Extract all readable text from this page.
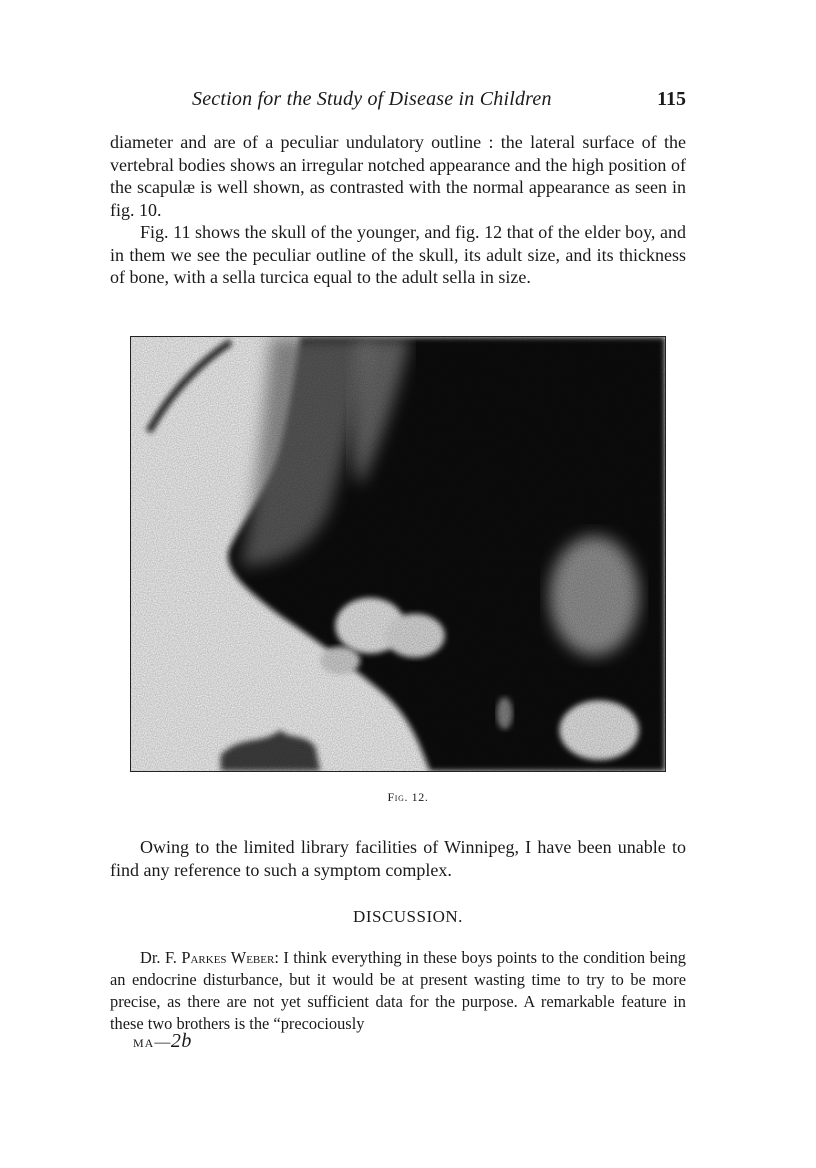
Section for the Study of Disease in Children	115

diameter and are of a peculiar undulatory outline : the lateral surface of the vertebral bodies shows an irregular notched appearance and the high position of the scapulæ is well shown, as contrasted with the normal appearance as seen in fig. 10.

Fig. 11 shows the skull of the younger, and fig. 12 that of the elder boy, and in them we see the peculiar outline of the skull, its adult size, and its thickness of bone, with a sella turcica equal to the adult sella in size.

Fig. 12.

Owing to the limited library facilities of Winnipeg, I have been unable to find any reference to such a symptom complex.

DISCUSSION.

Dr. F. Parkes Weber: I think everything in these boys points to the condition being an endocrine disturbance, but it would be at present wasting time to try to be more precise, as there are not yet sufficient data for the purpose. A remarkable feature in these two brothers is the “precociously

MA—2b
